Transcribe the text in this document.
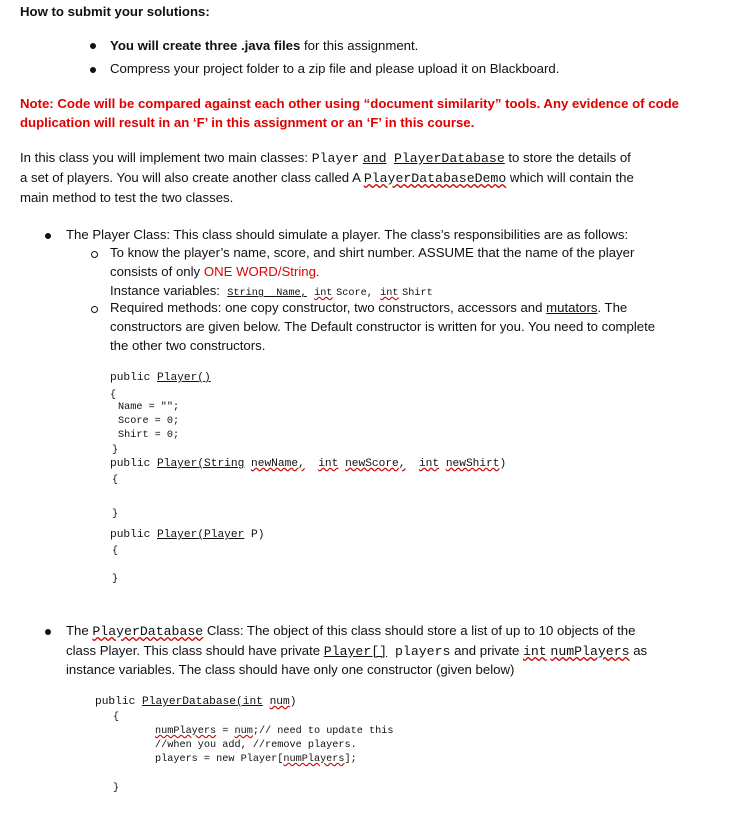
How to submit your solutions:
You will create three .java files for this assignment.
Compress your project folder to a zip file and please upload it on Blackboard.
Note: Code will be compared against each other using “document similarity” tools. Any evidence of code
duplication will result in an ‘F’ in this assignment or an ‘F’ in this course.
In this class you will implement two main classes: Player and PlayerDatabase to store the details of
a set of players. You will also create another class called A PlayerDatabaseDemo which will contain the
main method to test the two classes.
The Player Class: This class should simulate a player. The class’s responsibilities are as follows:
To know the player’s name, score, and shirt number. ASSUME that the name of the player
consists of only ONE WORD/String.
Instance variables: String Name, int Score, int Shirt
Required methods: one copy constructor, two constructors, accessors and mutators. The
constructors are given below. The Default constructor is written for you. You need to complete
the other two constructors.
public Player()
{
Name = "";
Score = 0;
Shirt = 0;
}
public Player(String newName, int newScore, int newShirt)
{
}
public Player(Player P)
{
}
The PlayerDatabase Class: The object of this class should store a list of up to 10 objects of the
class Player. This class should have private Player[] players and private int numPlayers as
instance variables. The class should have only one constructor (given below)
public PlayerDatabase(int num)
{
numPlayers = num;// need to update this
//when you add, //remove players.
players = new Player[numPlayers];
}
